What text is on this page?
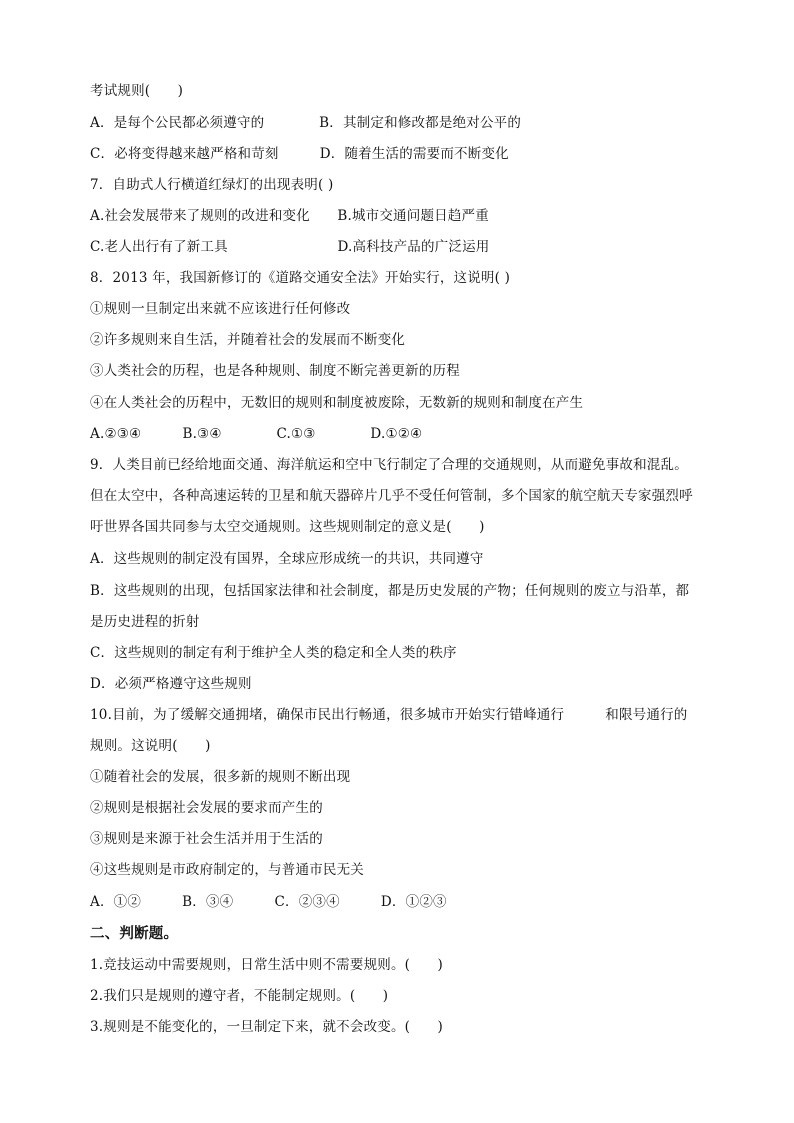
考试规则(　　)

A．是每个公民都必须遵守的　　　　B．其制定和修改都是绝对公平的

C．必将变得越来越严格和苛刻　　　D．随着生活的需要而不断变化

7．自助式人行横道红绿灯的出现表明( )

A.社会发展带来了规则的改进和变化　　B.城市交通问题日趋严重

C.老人出行有了新工具　　　　　　　　D.高科技产品的广泛运用

8．2013 年，我国新修订的《道路交通安全法》开始实行，这说明( )

①规则一旦制定出来就不应该进行任何修改

②许多规则来自生活，并随着社会的发展而不断变化

③人类社会的历程，也是各种规则、制度不断完善更新的历程

④在人类社会的历程中，无数旧的规则和制度被废除，无数新的规则和制度在产生

A.②③④　　　B.③④　　　　C.①③　　　　D.①②④

9．人类目前已经给地面交通、海洋航运和空中飞行制定了合理的交通规则，从而避免事故和混乱。

但在太空中，各种高速运转的卫星和航天器碎片几乎不受任何管制，多个国家的航空航天专家强烈呼

吁世界各国共同参与太空交通规则。这些规则制定的意义是(　　)

A．这些规则的制定没有国界，全球应形成统一的共识，共同遵守

B．这些规则的出现，包括国家法律和社会制度，都是历史发展的产物；任何规则的废立与沿革，都

是历史进程的折射

C．这些规则的制定有利于维护全人类的稳定和全人类的秩序

D．必须严格遵守这些规则

10.目前，为了缓解交通拥堵，确保市民出行畅通，很多城市开始实行错峰通行　　　和限号通行的

规则。这说明(　　)

①随着社会的发展，很多新的规则不断出现

②规则是根据社会发展的要求而产生的

③规则是来源于社会生活并用于生活的

④这些规则是市政府制定的，与普通市民无关

A．①②　　　B．③④　　　C．②③④　　　D．①②③

二、判断题。

1.竞技运动中需要规则，日常生活中则不需要规则。(　　)

2.我们只是规则的遵守者，不能制定规则。(　　)

3.规则是不能变化的，一旦制定下来，就不会改变。(　　)
